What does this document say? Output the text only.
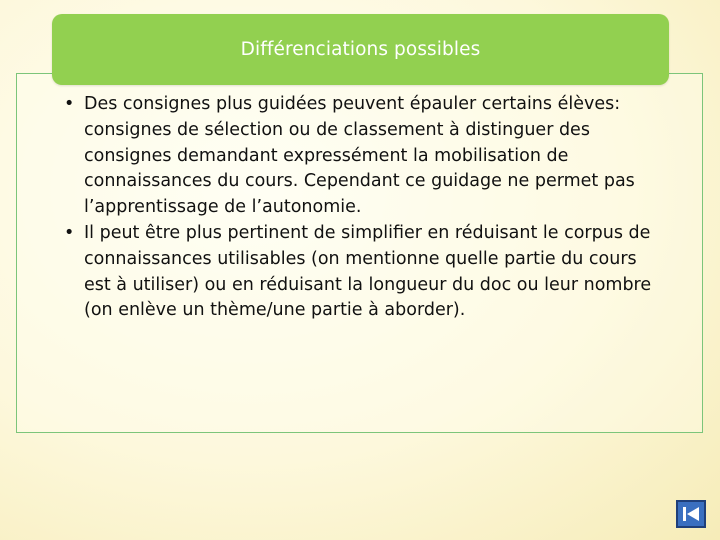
Différenciations possibles
• Des consignes plus guidées peuvent épauler certains élèves: consignes de sélection ou de classement à distinguer des consignes demandant expressément la mobilisation de connaissances du cours. Cependant ce guidage ne permet pas l’apprentissage de l’autonomie.
• Il peut être plus pertinent de simplifier en réduisant le corpus de connaissances utilisables (on mentionne quelle partie du cours est à utiliser) ou en réduisant la longueur du doc ou leur nombre (on enlève un thème/une partie à aborder).
